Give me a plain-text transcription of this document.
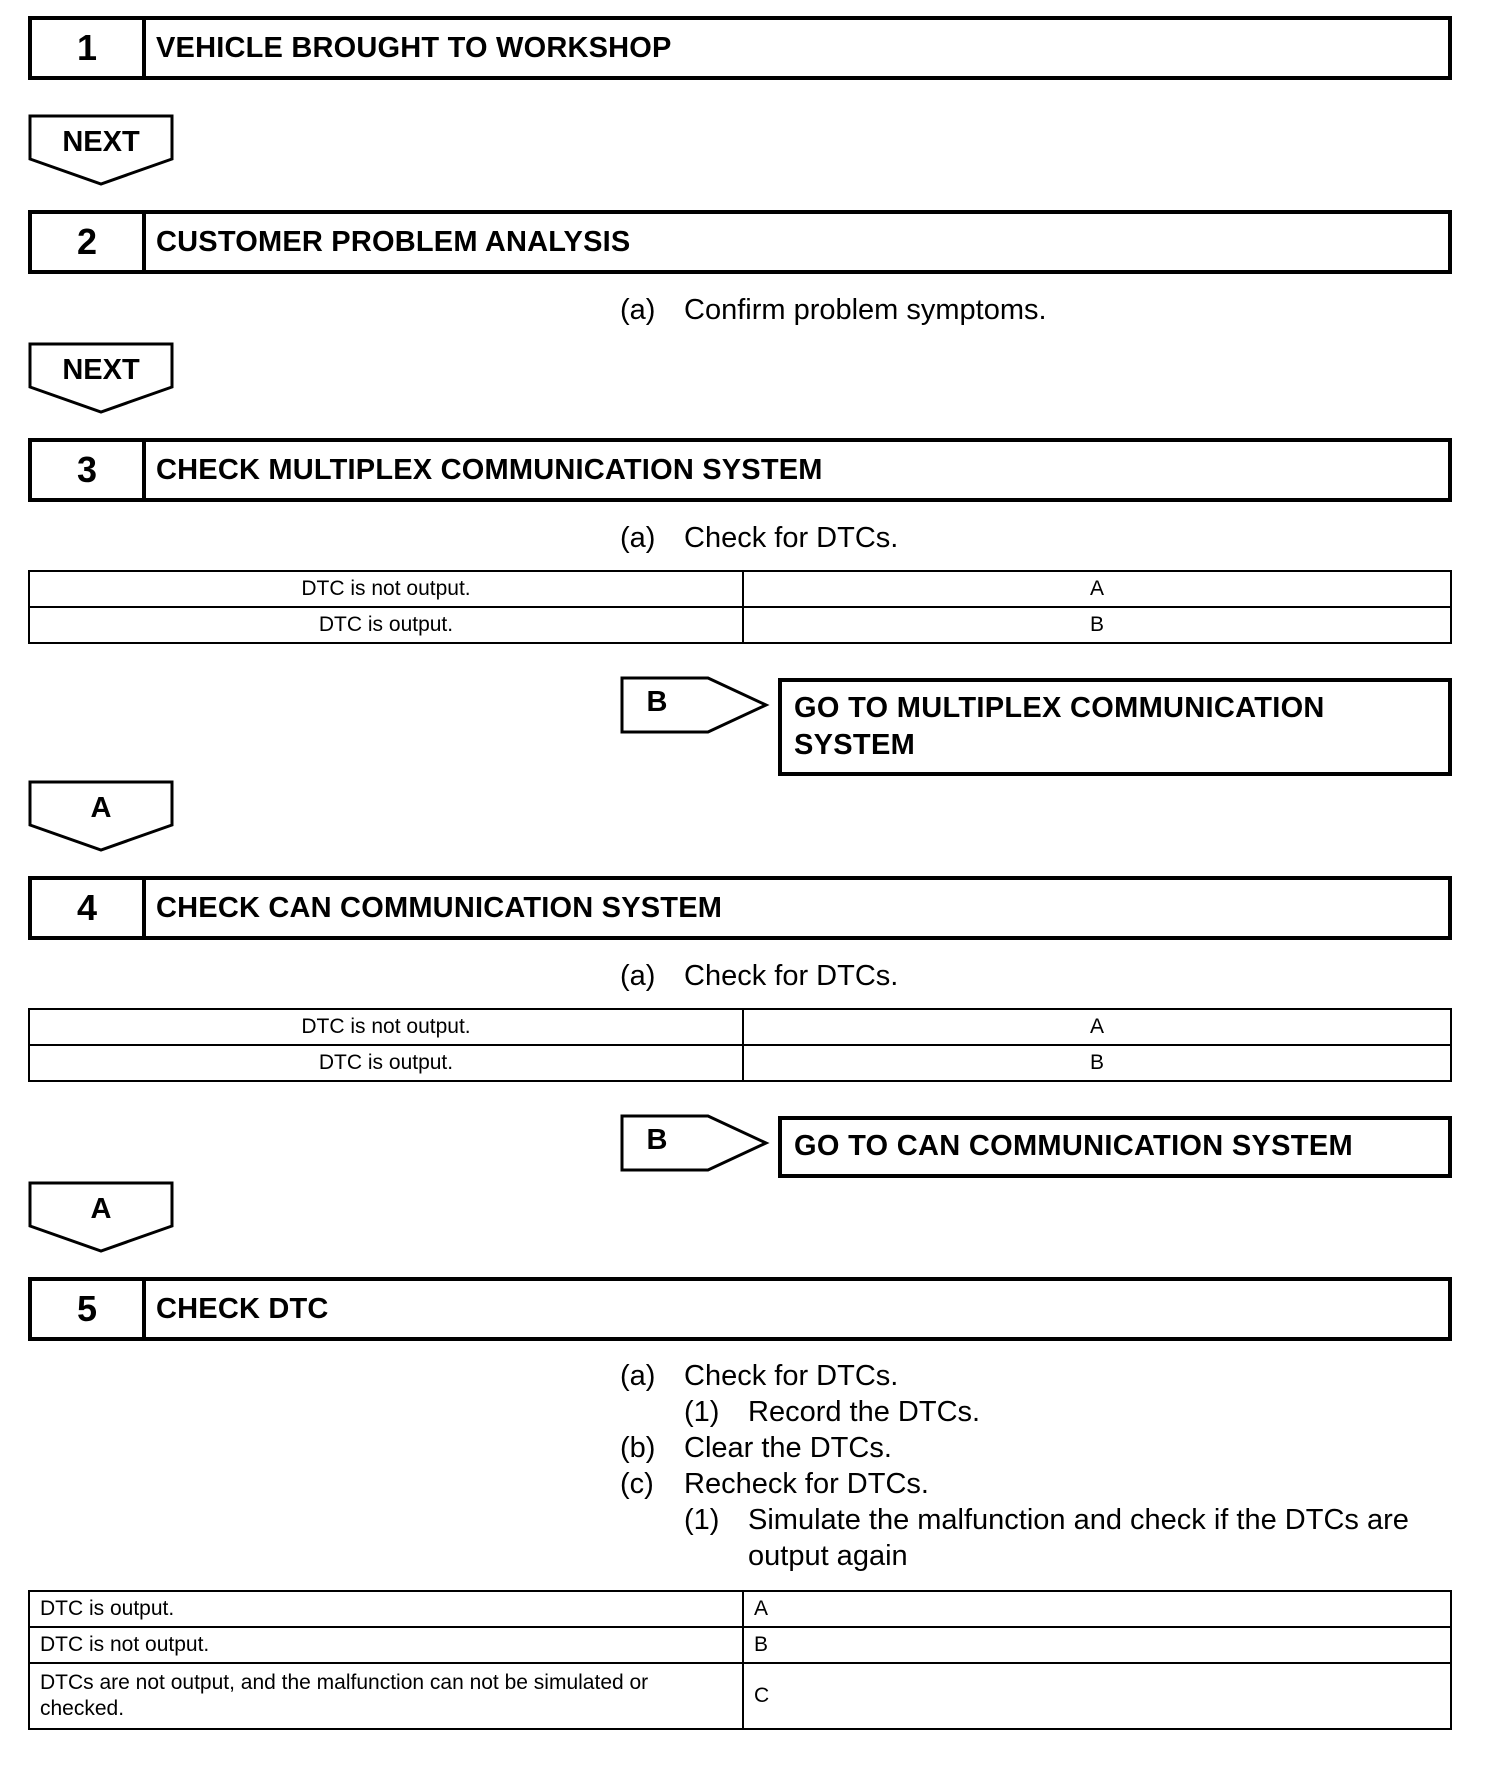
1	VEHICLE BROUGHT TO WORKSHOP
NEXT
2	CUSTOMER PROBLEM ANALYSIS
(a) Confirm problem symptoms.
NEXT
3	CHECK MULTIPLEX COMMUNICATION SYSTEM
(a) Check for DTCs.
DTC is not output.	A
DTC is output.	B
B	GO TO MULTIPLEX COMMUNICATION
SYSTEM
A
4	CHECK CAN COMMUNICATION SYSTEM
(a) Check for DTCs.
DTC is not output.	A
DTC is output.	B
B	GO TO CAN COMMUNICATION SYSTEM
A
5	CHECK DTC
(a) Check for DTCs.
(1) Record the DTCs.
(b) Clear the DTCs.
(c) Recheck for DTCs.
(1) Simulate the malfunction and check if the DTCs are
output again
DTC is output.	A
DTC is not output.	B

DTCs are not output, and the malfunction can not be simulated or
checked.	C
